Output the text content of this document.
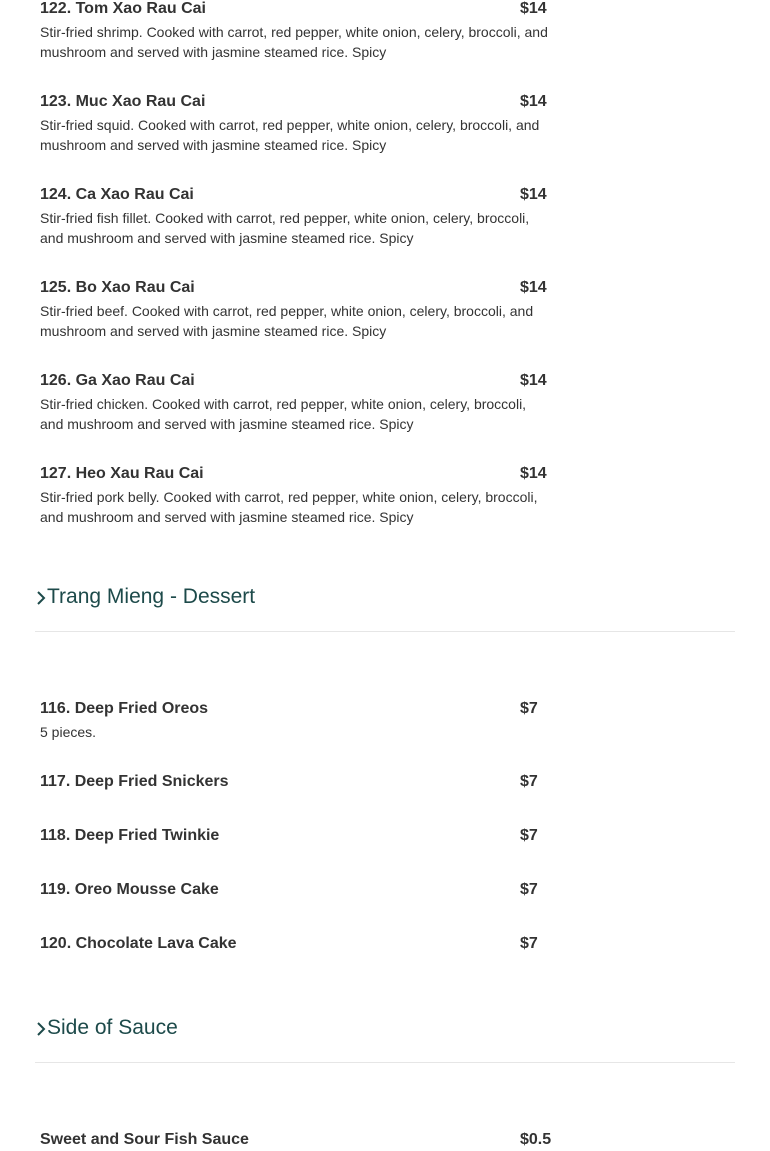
122. Tom Xao Rau Cai	$14
Stir-fried shrimp. Cooked with carrot, red pepper, white onion, celery, broccoli, and mushroom and served with jasmine steamed rice. Spicy
123. Muc Xao Rau Cai	$14
Stir-fried squid. Cooked with carrot, red pepper, white onion, celery, broccoli, and mushroom and served with jasmine steamed rice. Spicy
124. Ca Xao Rau Cai	$14
Stir-fried fish fillet. Cooked with carrot, red pepper, white onion, celery, broccoli, and mushroom and served with jasmine steamed rice. Spicy
125. Bo Xao Rau Cai	$14
Stir-fried beef. Cooked with carrot, red pepper, white onion, celery, broccoli, and mushroom and served with jasmine steamed rice. Spicy
126. Ga Xao Rau Cai	$14
Stir-fried chicken. Cooked with carrot, red pepper, white onion, celery, broccoli, and mushroom and served with jasmine steamed rice. Spicy
127. Heo Xau Rau Cai	$14
Stir-fried pork belly. Cooked with carrot, red pepper, white onion, celery, broccoli, and mushroom and served with jasmine steamed rice. Spicy
Trang Mieng - Dessert
116. Deep Fried Oreos	$7
5 pieces.
117. Deep Fried Snickers	$7
118. Deep Fried Twinkie	$7
119. Oreo Mousse Cake	$7
120. Chocolate Lava Cake	$7
Side of Sauce
Sweet and Sour Fish Sauce	$0.5
